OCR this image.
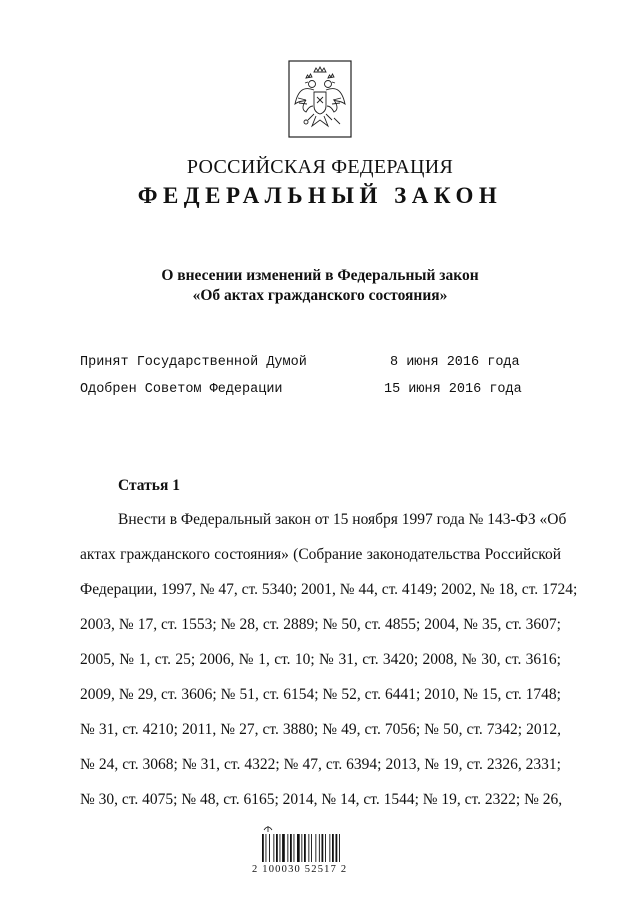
РОССИЙСКАЯ ФЕДЕРАЦИЯ
ФЕДЕРАЛЬНЫЙ ЗАКОН
О внесении изменений в Федеральный закон
«Об актах гражданского состояния»
Принят Государственной Думой	8 июня 2016 года
Одобрен Советом Федерации	15 июня 2016 года
Статья 1
Внести в Федеральный закон от 15 ноября 1997 года № 143-ФЗ «Об
актах гражданского состояния» (Собрание законодательства Российской
Федерации, 1997, № 47, ст. 5340; 2001, № 44, ст. 4149; 2002, № 18, ст. 1724;
2003, № 17, ст. 1553; № 28, ст. 2889; № 50, ст. 4855; 2004, № 35, ст. 3607;
2005, № 1, ст. 25; 2006, № 1, ст. 10; № 31, ст. 3420; 2008, № 30, ст. 3616;
2009, № 29, ст. 3606; № 51, ст. 6154; № 52, ст. 6441; 2010, № 15, ст. 1748;
№ 31, ст. 4210; 2011, № 27, ст. 3880; № 49, ст. 7056; № 50, ст. 7342; 2012,
№ 24, ст. 3068; № 31, ст. 4322; № 47, ст. 6394; 2013, № 19, ст. 2326, 2331;
№ 30, ст. 4075; № 48, ст. 6165; 2014, № 14, ст. 1544; № 19, ст. 2322; № 26,
2 100030 52517 2
